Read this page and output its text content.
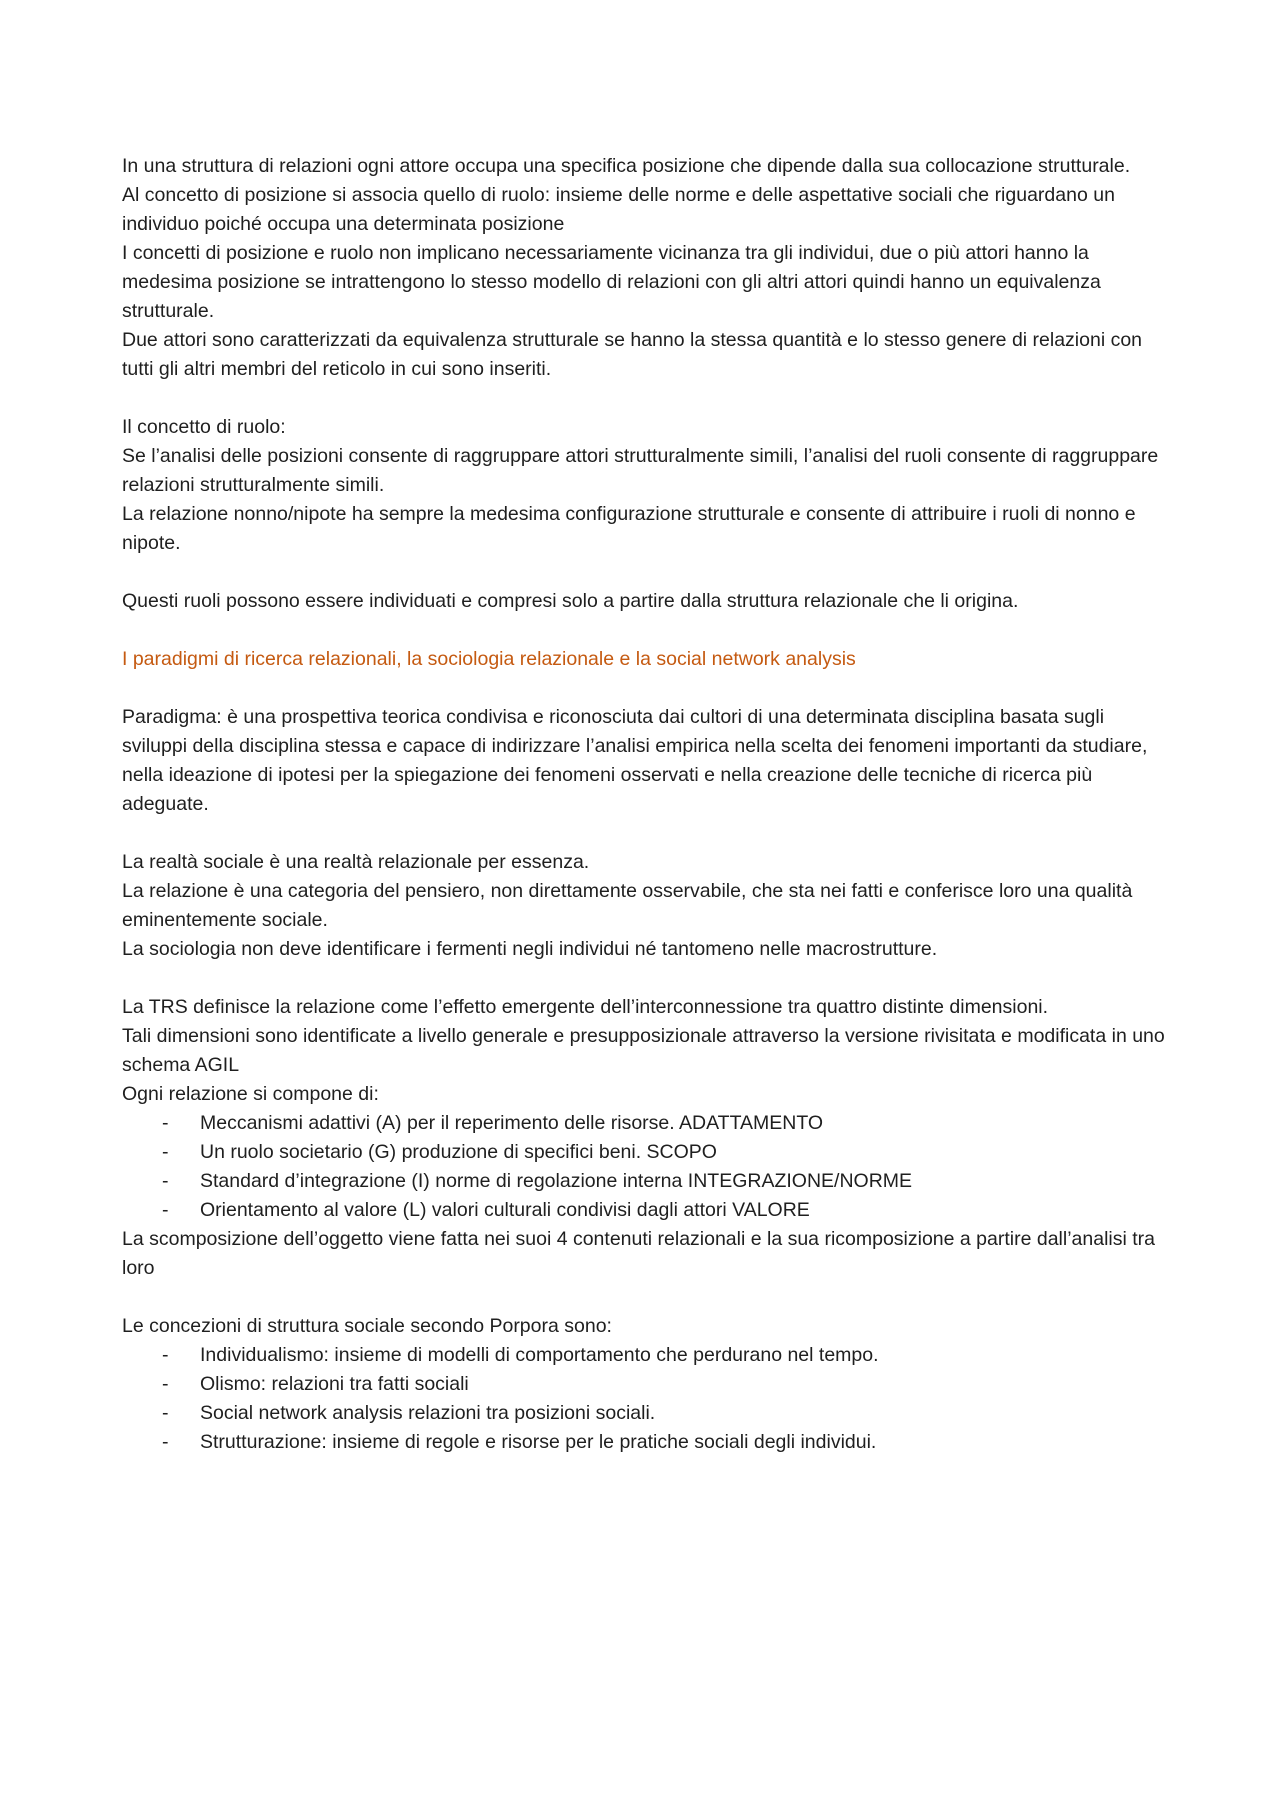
In una struttura di relazioni ogni attore occupa una specifica posizione che dipende dalla sua collocazione strutturale.

Al concetto di posizione si associa quello di ruolo: insieme delle norme e delle aspettative sociali che riguardano un individuo poiché occupa una determinata posizione

I concetti di posizione e ruolo non implicano necessariamente vicinanza tra gli individui, due o più attori hanno la medesima posizione se intrattengono lo stesso modello di relazioni con gli altri attori quindi hanno un equivalenza strutturale.

Due attori sono caratterizzati da equivalenza strutturale se hanno la stessa quantità e lo stesso genere di relazioni con tutti gli altri membri del reticolo in cui sono inseriti.

Il concetto di ruolo:

Se l’analisi delle posizioni consente di raggruppare attori strutturalmente simili, l’analisi del ruoli consente di raggruppare relazioni strutturalmente simili.

La relazione nonno/nipote ha sempre la medesima configurazione strutturale e consente di attribuire i ruoli di nonno e nipote.

Questi ruoli possono essere individuati e compresi solo a partire dalla struttura relazionale che li origina.

I paradigmi di ricerca relazionali, la sociologia relazionale e la social network analysis

Paradigma: è una prospettiva teorica condivisa e riconosciuta dai cultori di una determinata disciplina basata sugli sviluppi della disciplina stessa e capace di indirizzare l’analisi empirica nella scelta dei fenomeni importanti da studiare, nella ideazione di ipotesi per la spiegazione dei fenomeni osservati e nella creazione delle tecniche di ricerca più adeguate.

La realtà sociale è una realtà relazionale per essenza.

La relazione è una categoria del pensiero, non direttamente osservabile, che sta nei fatti e conferisce loro una qualità eminentemente sociale.

La sociologia non deve identificare i fermenti negli individui né tantomeno nelle macrostrutture.

La TRS definisce la relazione come l’effetto emergente dell’interconnessione tra quattro distinte dimensioni.

Tali dimensioni sono identificate a livello generale e presupposizionale attraverso la versione rivisitata e modificata in uno schema AGIL

Ogni relazione si compone di:

- Meccanismi adattivi (A) per il reperimento delle risorse. ADATTAMENTO
- Un ruolo societario (G) produzione di specifici beni. SCOPO
- Standard d’integrazione (I) norme di regolazione interna INTEGRAZIONE/NORME
- Orientamento al valore (L) valori culturali condivisi dagli attori VALORE

La scomposizione dell’oggetto viene fatta nei suoi 4 contenuti relazionali e la sua ricomposizione a partire dall’analisi tra loro

Le concezioni di struttura sociale secondo Porpora sono:

- Individualismo: insieme di modelli di comportamento che perdurano nel tempo.
- Olismo: relazioni tra fatti sociali
- Social network analysis relazioni tra posizioni sociali.
- Strutturazione: insieme di regole e risorse per le pratiche sociali degli individui.
